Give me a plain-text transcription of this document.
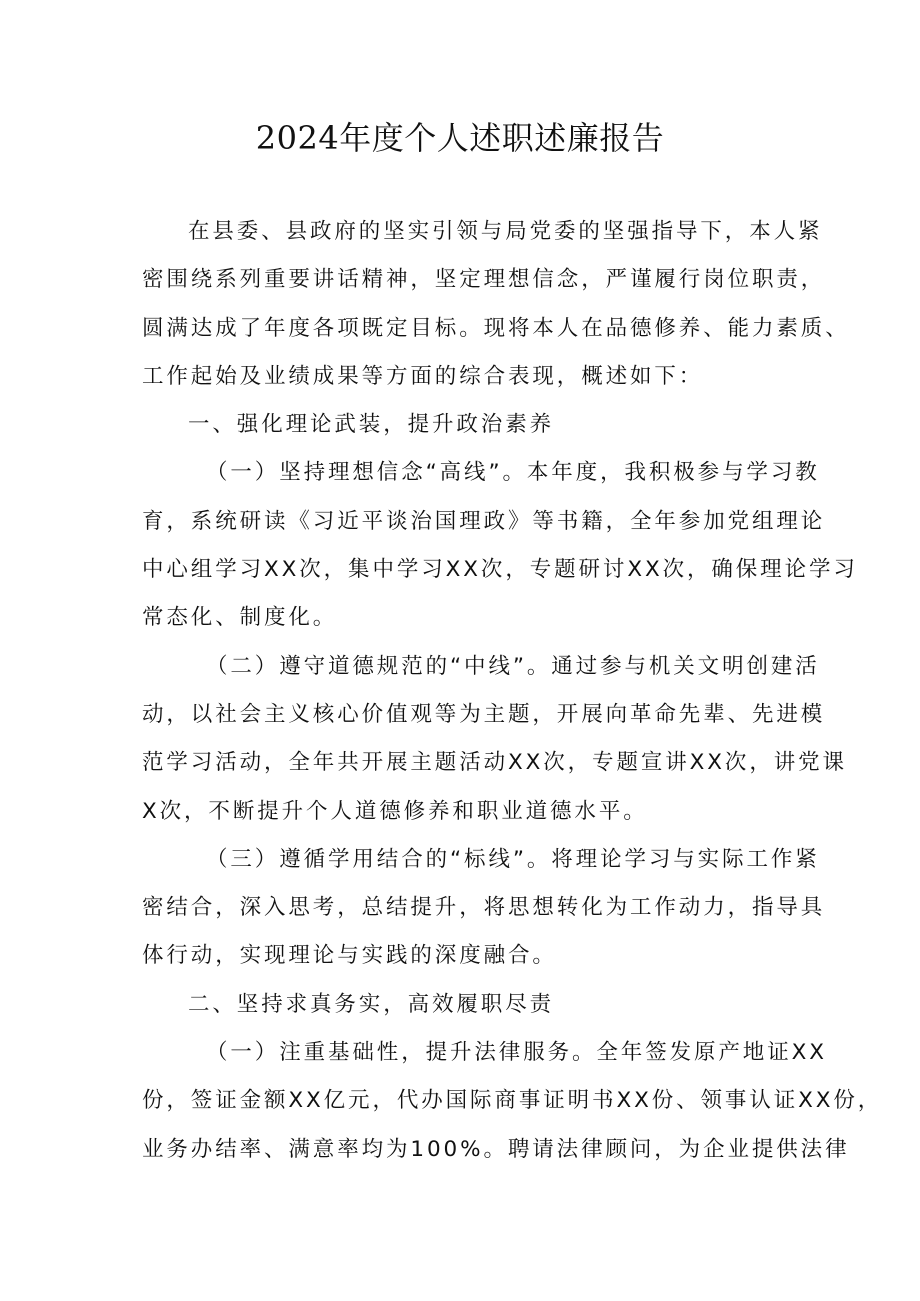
2024年度个人述职述廉报告
在县委、县政府的坚实引领与局党委的坚强指导下，本人紧
密围绕系列重要讲话精神，坚定理想信念，严谨履行岗位职责，
圆满达成了年度各项既定目标。现将本人在品德修养、能力素质、
工作起始及业绩成果等方面的综合表现，概述如下：
一、强化理论武装，提升政治素养
（一）坚持理想信念“高线”。本年度，我积极参与学习教
育，系统研读《习近平谈治国理政》等书籍，全年参加党组理论
中心组学习XX次，集中学习XX次，专题研讨XX次，确保理论学习
常态化、制度化。
（二）遵守道德规范的“中线”。通过参与机关文明创建活
动，以社会主义核心价值观等为主题，开展向革命先辈、先进模
范学习活动，全年共开展主题活动XX次，专题宣讲XX次，讲党课
X次，不断提升个人道德修养和职业道德水平。
（三）遵循学用结合的“标线”。将理论学习与实际工作紧
密结合，深入思考，总结提升，将思想转化为工作动力，指导具
体行动，实现理论与实践的深度融合。
二、坚持求真务实，高效履职尽责
（一）注重基础性，提升法律服务。全年签发原产地证XX
份，签证金额XX亿元，代办国际商事证明书XX份、领事认证XX份，
业务办结率、满意率均为100%。聘请法律顾问，为企业提供法律
